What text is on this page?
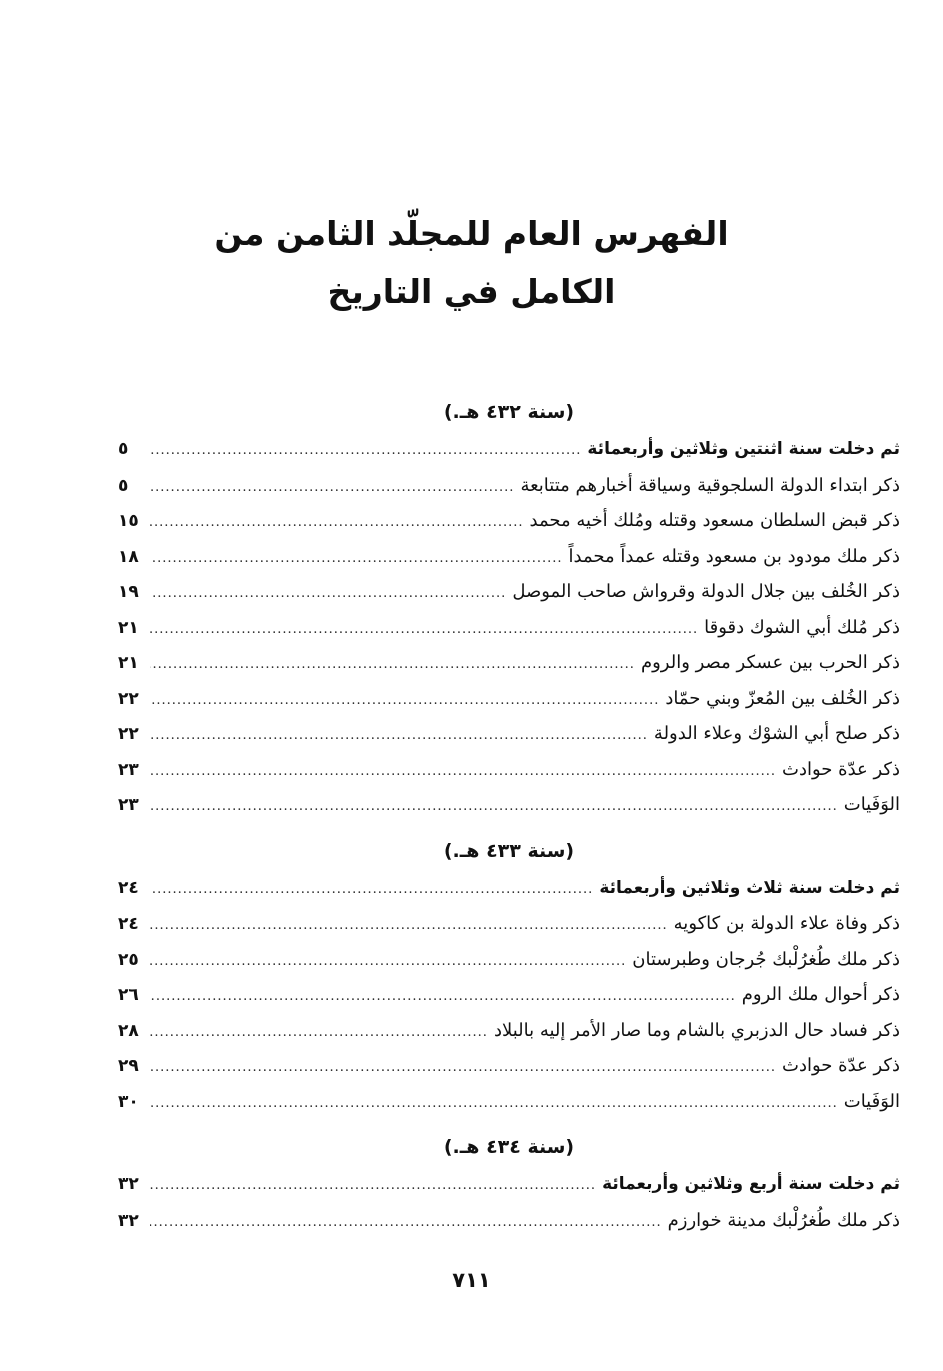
الفهرس العام للمجلّد الثامن من
الكامل في التاريخ
(سنة ٤٣٢ هـ.)
ثم دخلت سنة اثنتين وثلاثين وأربعمائة
.....
٥
ذكر ابتداء الدولة السلجوقية وسياقة أخبارهم متتابعة
.....
٥
ذكر قبض السلطان مسعود وقتله ومُلك أخيه محمد
.....
١٥
ذكر ملك مودود بن مسعود وقتله عمداً محمداً
.....
١٨
ذكر الخُلف بين جلال الدولة وقرواش صاحب الموصل
.....
١٩
ذكر مُلك أبي الشوك دقوقا
.....
٢١
ذكر الحرب بين عسكر مصر والروم
.....
٢١
ذكر الخُلف بين المُعزّ وبني حمّاد
.....
٢٢
ذكر صلح أبي الشوْك وعلاء الدولة
.....
٢٢
ذكر عدّة حوادث
.....
٢٣
الوَفَيات
.....
٢٣
(سنة ٤٣٣ هـ.)
ثم دخلت سنة ثلاث وثلاثين وأربعمائة
.....
٢٤
ذكر وفاة علاء الدولة بن كاكويه
.....
٢٤
ذكر ملك طُغرُلْبك جُرجان وطبرستان
.....
٢٥
ذكر أحوال ملك الروم
.....
٢٦
ذكر فساد حال الدزبري بالشام وما صار الأمر إليه بالبلاد
.....
٢٨
ذكر عدّة حوادث
.....
٢٩
الوَفَيات
.....
٣٠
(سنة ٤٣٤ هـ.)
ثم دخلت سنة أربع وثلاثين وأربعمائة
.....
٣٢
ذكر ملك طُغرُلْبك مدينة خوارزم
.....
٣٢
٧١١
